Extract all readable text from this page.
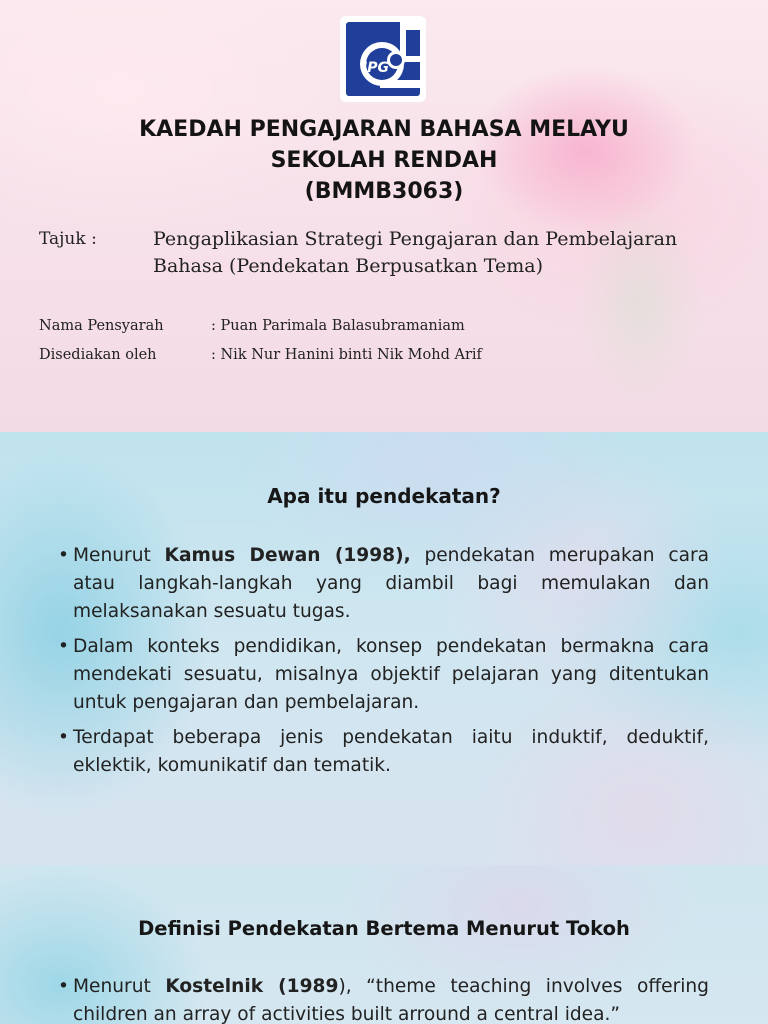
IPG
KAEDAH PENGAJARAN BAHASA MELAYU
SEKOLAH RENDAH
(BMMB3063)
Tajuk :	Pengaplikasian Strategi Pengajaran dan Pembelajaran
Bahasa (Pendekatan Berpusatkan Tema)
Nama Pensyarah	: Puan Parimala Balasubramaniam
Disediakan oleh	: Nik Nur Hanini binti Nik Mohd Arif
Apa itu pendekatan?
• Menurut Kamus Dewan (1998), pendekatan merupakan cara atau langkah-langkah yang diambil bagi memulakan dan melaksanakan sesuatu tugas.
• Dalam konteks pendidikan, konsep pendekatan bermakna cara mendekati sesuatu, misalnya objektif pelajaran yang ditentukan untuk pengajaran dan pembelajaran.
• Terdapat beberapa jenis pendekatan iaitu induktif, deduktif, eklektik, komunikatif dan tematik.
Definisi Pendekatan Bertema Menurut Tokoh
• Menurut Kostelnik (1989), “theme teaching involves offering children an array of activities built arround a central idea.”
